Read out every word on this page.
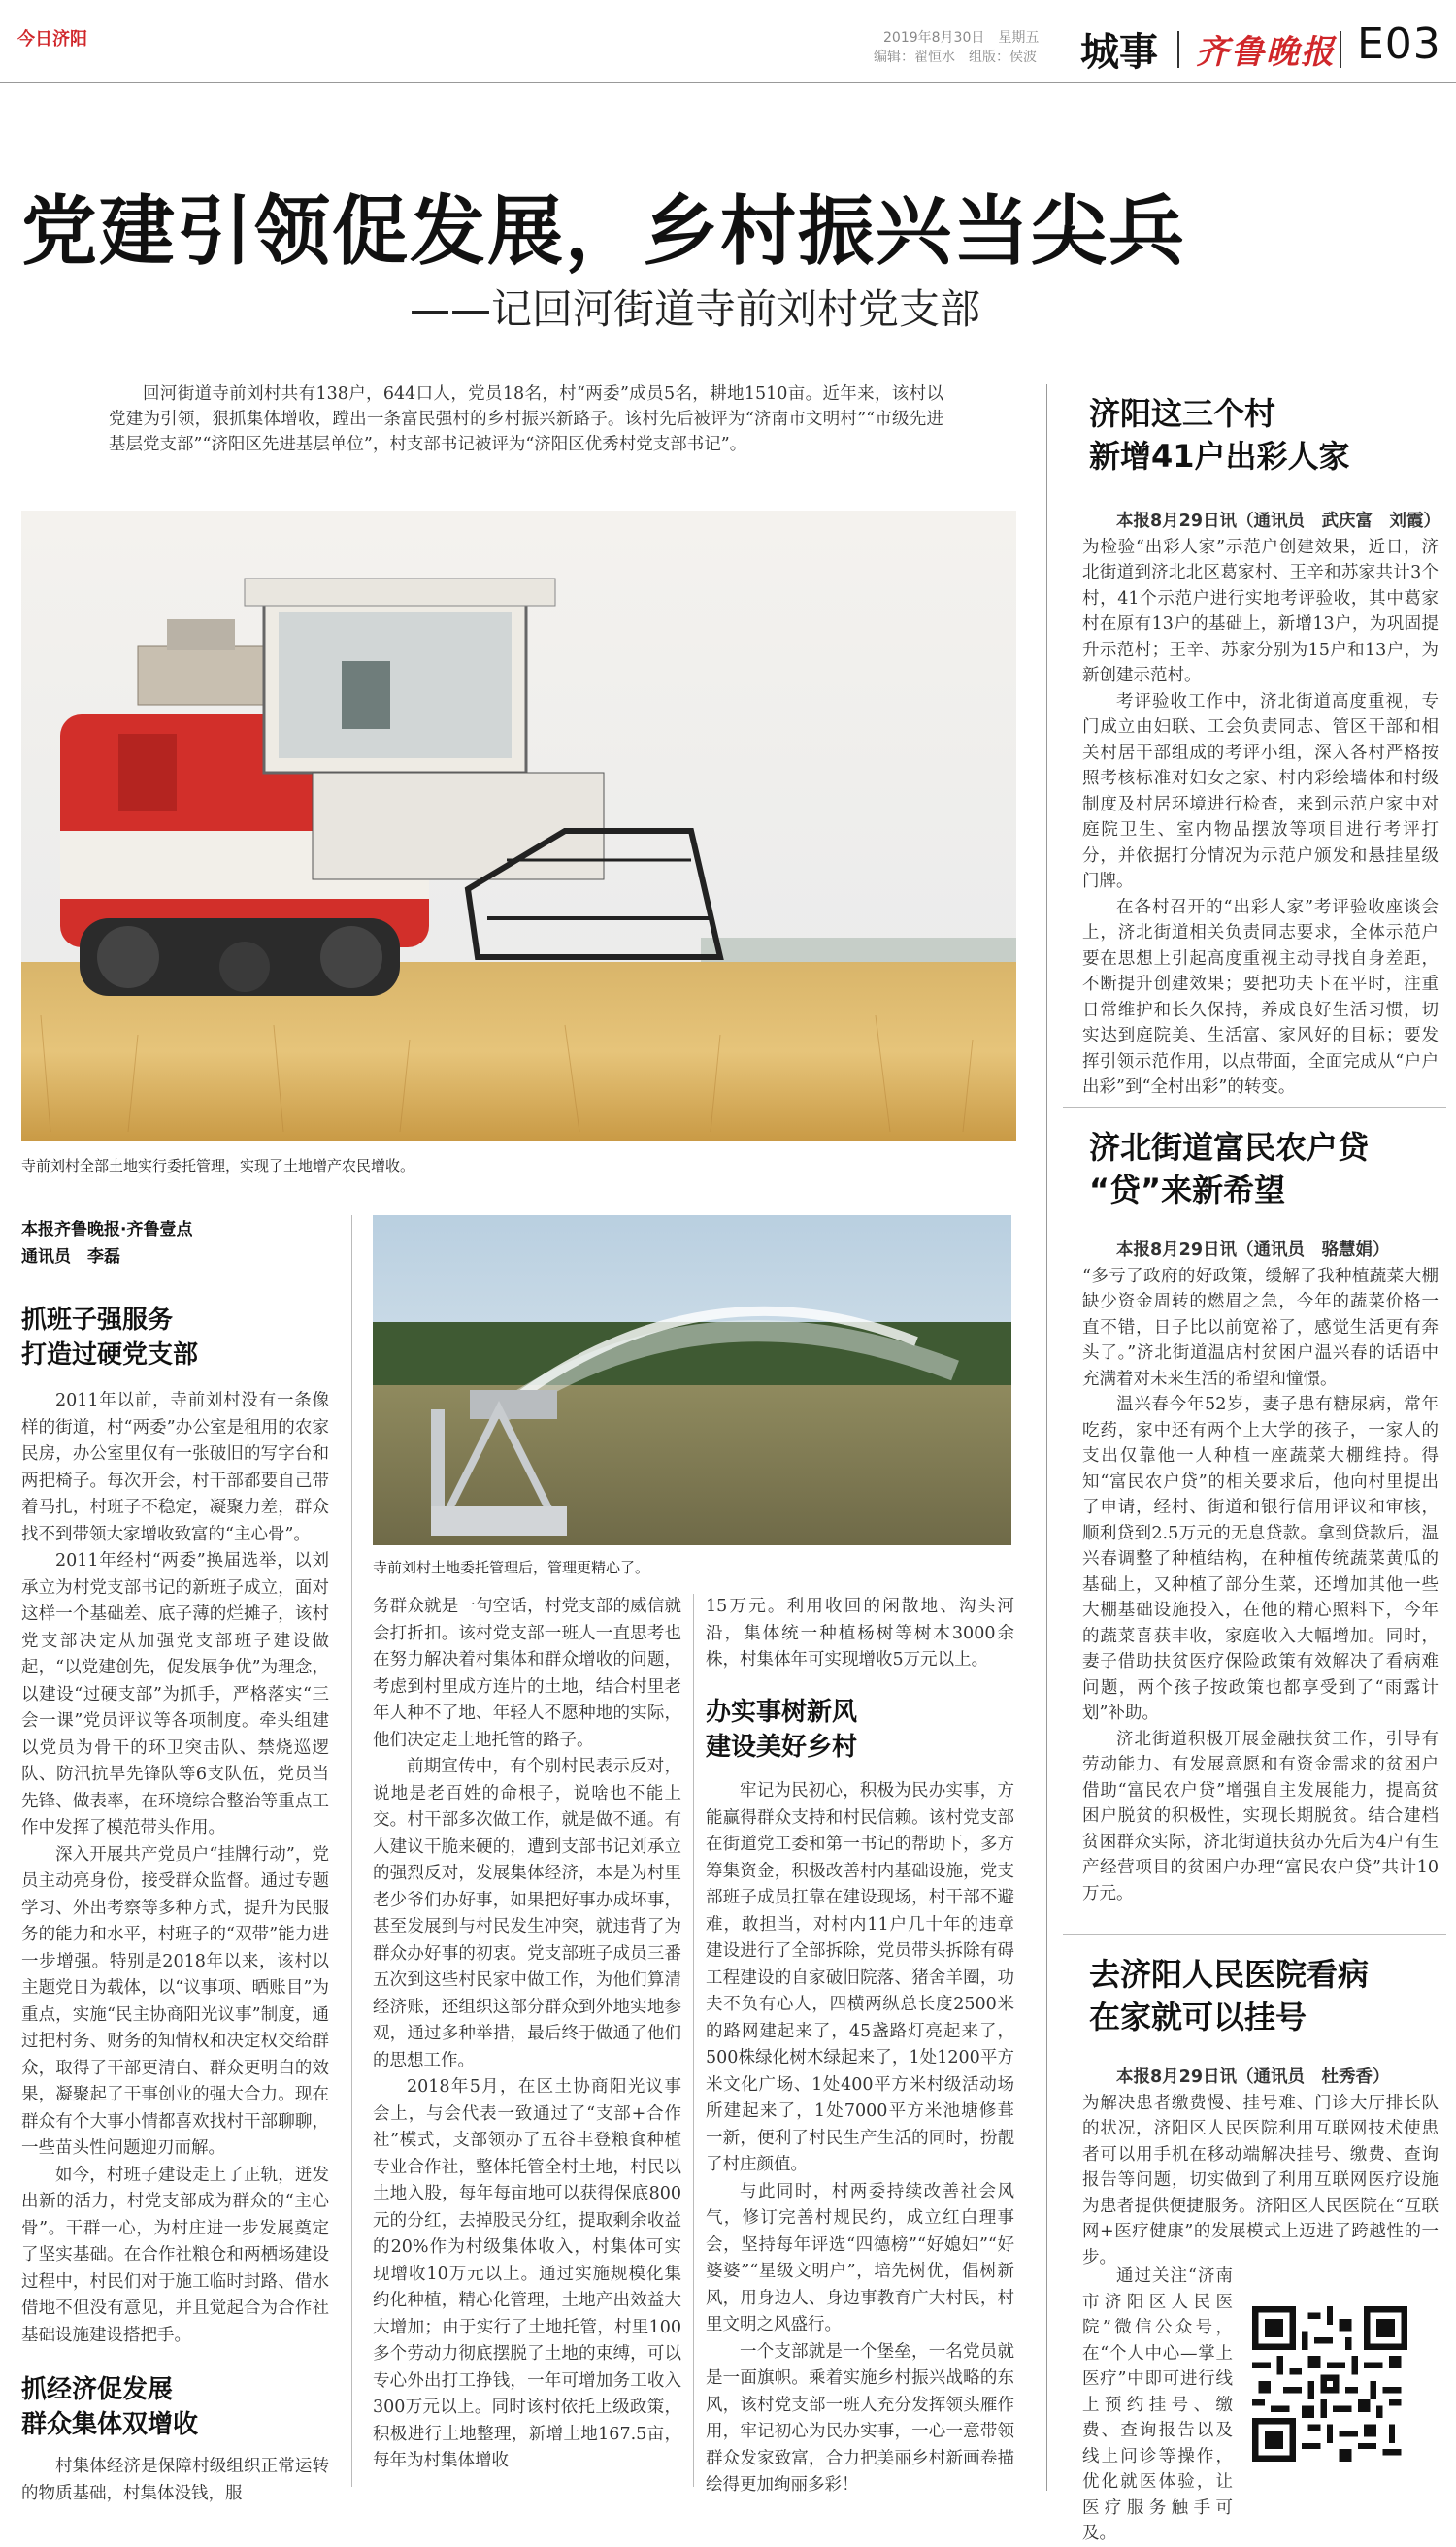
今日济阳	2019年8月30日　星期五
编辑：翟恒水　组版：侯波 城事 齐鲁晚报 E03
党建引领促发展，乡村振兴当尖兵
——记回河街道寺前刘村党支部
回河街道寺前刘村共有138户，644口人，党员18名，村“两委”成员5名，耕地1510亩。近年来，该村以党建为引领，狠抓集体增收，蹚出一条富民强村的乡村振兴新路子。该村先后被评为“济南市文明村”“市级先进基层党支部”“济阳区先进基层单位”，村支部书记被评为“济阳区优秀村党支部书记”。
寺前刘村全部土地实行委托管理，实现了土地增产农民增收。
本报齐鲁晚报·齐鲁壹点
通讯员　李磊
抓班子强服务
打造过硬党支部

2011年以前，寺前刘村没有一条像样的街道，村“两委”办公室是租用的农家民房，办公室里仅有一张破旧的写字台和两把椅子。每次开会，村干部都要自己带着马扎，村班子不稳定，凝聚力差，群众找不到带领大家增收致富的“主心骨”。

2011年经村“两委”换届选举，以刘承立为村党支部书记的新班子成立，面对这样一个基础差、底子薄的烂摊子，该村党支部决定从加强党支部班子建设做起，“以党建创先，促发展争优”为理念，以建设“过硬支部”为抓手，严格落实“三会一课”党员评议等各项制度。牵头组建以党员为骨干的环卫突击队、禁烧巡逻队、防汛抗旱先锋队等6支队伍，党员当先锋、做表率，在环境综合整治等重点工作中发挥了模范带头作用。

深入开展共产党员户“挂牌行动”，党员主动亮身份，接受群众监督。通过专题学习、外出考察等多种方式，提升为民服务的能力和水平，村班子的“双带”能力进一步增强。特别是2018年以来，该村以主题党日为载体，以“议事项、晒账目”为重点，实施“民主协商阳光议事”制度，通过把村务、财务的知情权和决定权交给群众，取得了干部更清白、群众更明白的效果，凝聚起了干事创业的强大合力。现在群众有个大事小情都喜欢找村干部聊聊，一些苗头性问题迎刃而解。

如今，村班子建设走上了正轨，迸发出新的活力，村党支部成为群众的“主心骨”。干群一心，为村庄进一步发展奠定了坚实基础。在合作社粮仓和两栖场建设过程中，村民们对于施工临时封路、借水借地不但没有意见，并且觉起合为合作社基础设施建设搭把手。

抓经济促发展
群众集体双增收

村集体经济是保障村级组织正常运转的物质基础，村集体没钱，服

寺前刘村土地委托管理后，管理更精心了。

务群众就是一句空话，村党支部的威信就会打折扣。该村党支部一班人一直思考也在努力解决着村集体和群众增收的问题，考虑到村里成方连片的土地，结合村里老年人种不了地、年轻人不愿种地的实际，他们决定走土地托管的路子。

前期宣传中，有个别村民表示反对，说地是老百姓的命根子，说啥也不能上交。村干部多次做工作，就是做不通。有人建议干脆来硬的，遭到支部书记刘承立的强烈反对，发展集体经济，本是为村里老少爷们办好事，如果把好事办成坏事，甚至发展到与村民发生冲突，就违背了为群众办好事的初衷。党支部班子成员三番五次到这些村民家中做工作，为他们算清经济账，还组织这部分群众到外地实地参观，通过多种举措，最后终于做通了他们的思想工作。

2018年5月，在区土协商阳光议事会上，与会代表一致通过了“支部+合作社”模式，支部领办了五谷丰登粮食种植专业合作社，整体托管全村土地，村民以土地入股，每年每亩地可以获得保底800元的分红，去掉股民分红，提取剩余收益的20%作为村级集体收入，村集体可实现增收10万元以上。通过实施规模化集约化种植，精心化管理，土地产出效益大大增加；由于实行了土地托管，村里100多个劳动力彻底摆脱了土地的束缚，可以专心外出打工挣钱，一年可增加务工收入300万元以上。同时该村依托上级政策，积极进行土地整理，新增土地167.5亩，每年为村集体增收

15万元。利用收回的闲散地、沟头河沿，集体统一种植杨树等树木3000余株，村集体年可实现增收5万元以上。

办实事树新风
建设美好乡村

牢记为民初心，积极为民办实事，方能赢得群众支持和村民信赖。该村党支部在街道党工委和第一书记的帮助下，多方筹集资金，积极改善村内基础设施，党支部班子成员扛靠在建设现场，村干部不避难，敢担当，对村内11户几十年的违章建设进行了全部拆除，党员带头拆除有碍工程建设的自家破旧院落、猪舍羊圈，功夫不负有心人，四横两纵总长度2500米的路网建起来了，45盏路灯亮起来了，500株绿化树木绿起来了，1处1200平方米文化广场、1处400平方米村级活动场所建起来了，1处7000平方米池塘修葺一新，便利了村民生产生活的同时，扮靓了村庄颜值。

与此同时，村两委持续改善社会风气，修订完善村规民约，成立红白理事会，坚持每年评选“四德榜”“好媳妇”“好婆婆”“星级文明户”，培先树优，倡树新风，用身边人、身边事教育广大村民，村里文明之风盛行。

一个支部就是一个堡垒，一名党员就是一面旗帜。乘着实施乡村振兴战略的东风，该村党支部一班人充分发挥领头雁作用，牢记初心为民办实事，一心一意带领群众发家致富，合力把美丽乡村新画卷描绘得更加绚丽多彩！

济阳这三个村
新增41户出彩人家

本报8月29日讯（通讯员　武庆富　刘霞）为检验“出彩人家”示范户创建效果，近日，济北街道到济北北区葛家村、王辛和苏家共计3个村，41个示范户进行实地考评验收，其中葛家村在原有13户的基础上，新增13户，为巩固提升示范村；王辛、苏家分别为15户和13户，为新创建示范村。

考评验收工作中，济北街道高度重视，专门成立由妇联、工会负责同志、管区干部和相关村居干部组成的考评小组，深入各村严格按照考核标准对妇女之家、村内彩绘墙体和村级制度及村居环境进行检查，来到示范户家中对庭院卫生、室内物品摆放等项目进行考评打分，并依据打分情况为示范户颁发和悬挂星级门牌。

在各村召开的“出彩人家”考评验收座谈会上，济北街道相关负责同志要求，全体示范户要在思想上引起高度重视主动寻找自身差距，不断提升创建效果；要把功夫下在平时，注重日常维护和长久保持，养成良好生活习惯，切实达到庭院美、生活富、家风好的目标；要发挥引领示范作用，以点带面，全面完成从“户户出彩”到“全村出彩”的转变。

济北街道富民农户贷
“贷”来新希望

本报8月29日讯（通讯员　骆慧娟）

“多亏了政府的好政策，缓解了我种植蔬菜大棚缺少资金周转的燃眉之急，今年的蔬菜价格一直不错，日子比以前宽裕了，感觉生活更有奔头了。”济北街道温店村贫困户温兴春的话语中充满着对未来生活的希望和憧憬。

温兴春今年52岁，妻子患有糖尿病，常年吃药，家中还有两个上大学的孩子，一家人的支出仅靠他一人种植一座蔬菜大棚维持。得知“富民农户贷”的相关要求后，他向村里提出了申请，经村、街道和银行信用评议和审核，顺利贷到2.5万元的无息贷款。拿到贷款后，温兴春调整了种植结构，在种植传统蔬菜黄瓜的基础上，又种植了部分生菜，还增加其他一些大棚基础设施投入，在他的精心照料下，今年的蔬菜喜获丰收，家庭收入大幅增加。同时，妻子借助扶贫医疗保险政策有效解决了看病难问题，两个孩子按政策也都享受到了“雨露计划”补助。

济北街道积极开展金融扶贫工作，引导有劳动能力、有发展意愿和有资金需求的贫困户借助“富民农户贷”增强自主发展能力，提高贫困户脱贫的积极性，实现长期脱贫。结合建档贫困群众实际，济北街道扶贫办先后为4户有生产经营项目的贫困户办理“富民农户贷”共计10万元。

去济阳人民医院看病
在家就可以挂号

本报8月29日讯（通讯员　杜秀香）

为解决患者缴费慢、挂号难、门诊大厅排长队的状况，济阳区人民医院利用互联网技术使患者可以用手机在移动端解决挂号、缴费、查询报告等问题，切实做到了利用互联网医疗设施为患者提供便捷服务。济阳区人民医院在“互联网+医疗健康”的发展模式上迈进了跨越性的一步。

通过关注“济南市济阳区人民医院”微信公众号，在“个人中心—掌上医疗”中即可进行线上预约挂号、缴费、查询报告以及线上问诊等操作，优化就医体验，让医疗服务触手可及。
